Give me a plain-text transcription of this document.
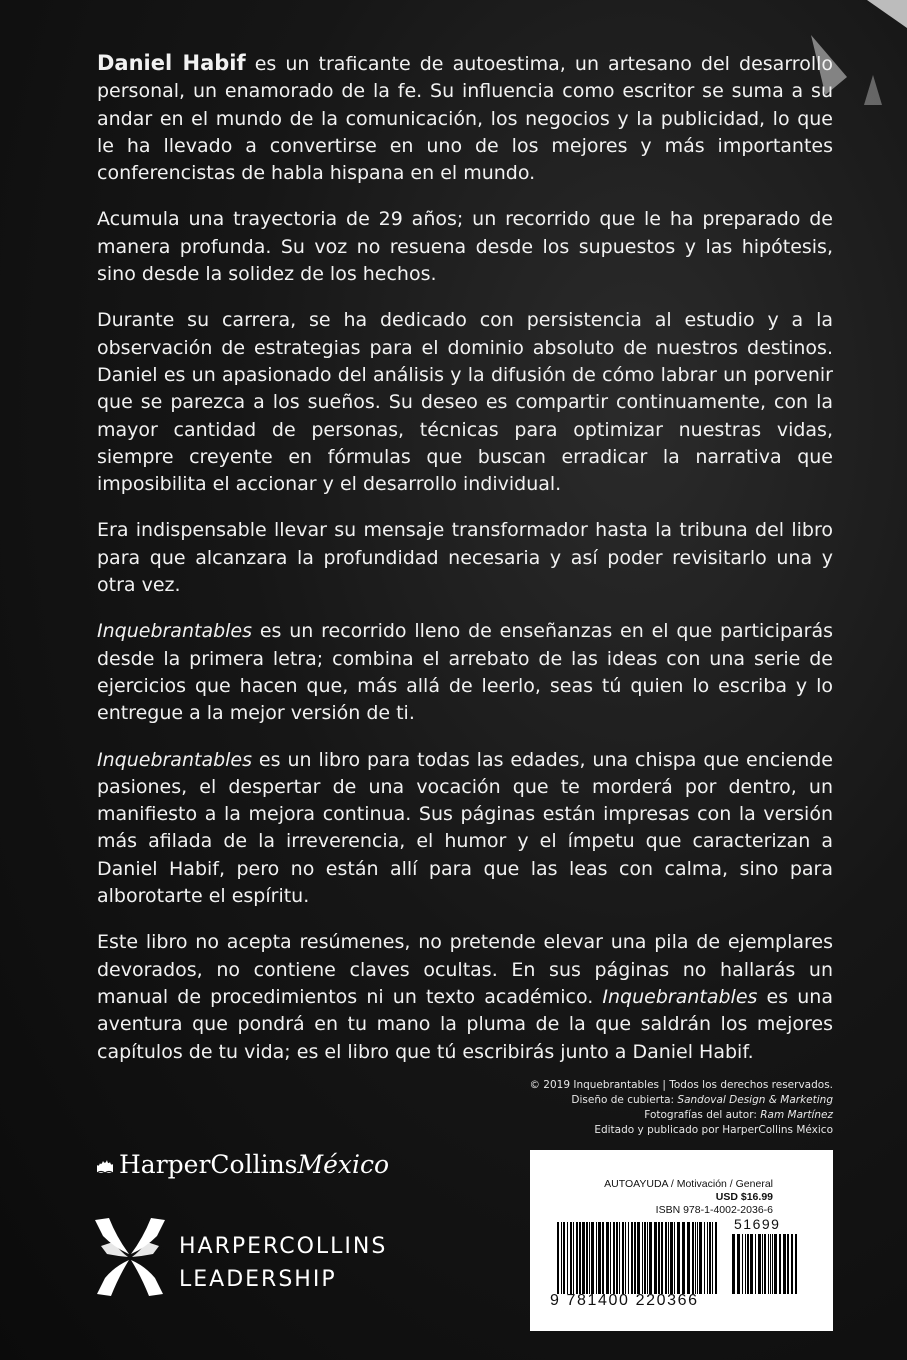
Daniel Habif es un traficante de autoestima, un artesano del desarrollo personal, un enamorado de la fe. Su influencia como escritor se suma a su andar en el mundo de la comunicación, los negocios y la publicidad, lo que le ha llevado a convertirse en uno de los mejores y más importantes conferencistas de habla hispana en el mundo.

Acumula una trayectoria de 29 años; un recorrido que le ha preparado de manera profunda. Su voz no resuena desde los supuestos y las hipótesis, sino desde la solidez de los hechos.

Durante su carrera, se ha dedicado con persistencia al estudio y a la observación de estrategias para el dominio absoluto de nuestros destinos. Daniel es un apasionado del análisis y la difusión de cómo labrar un porvenir que se parezca a los sueños. Su deseo es compartir continuamente, con la mayor cantidad de personas, técnicas para optimizar nuestras vidas, siempre creyente en fórmulas que buscan erradicar la narrativa que imposibilita el accionar y el desarrollo individual.

Era indispensable llevar su mensaje transformador hasta la tribuna del libro para que alcanzara la profundidad necesaria y así poder revisitarlo una y otra vez.

Inquebrantables es un recorrido lleno de enseñanzas en el que participarás desde la primera letra; combina el arrebato de las ideas con una serie de ejercicios que hacen que, más allá de leerlo, seas tú quien lo escriba y lo entregue a la mejor versión de ti.

Inquebrantables es un libro para todas las edades, una chispa que enciende pasiones, el despertar de una vocación que te morderá por dentro, un manifiesto a la mejora continua. Sus páginas están impresas con la versión más afilada de la irreverencia, el humor y el ímpetu que caracterizan a Daniel Habif, pero no están allí para que las leas con calma, sino para alborotarte el espíritu.

Este libro no acepta resúmenes, no pretende elevar una pila de ejemplares devorados, no contiene claves ocultas. En sus páginas no hallarás un manual de procedimientos ni un texto académico. Inquebrantables es una aventura que pondrá en tu mano la pluma de la que saldrán los mejores capítulos de tu vida; es el libro que tú escribirás junto a Daniel Habif.

© 2019 Inquebrantables | Todos los derechos reservados.
Diseño de cubierta: Sandoval Design & Marketing
Fotografías del autor: Ram Martínez
Editado y publicado por HarperCollins México
HarperCollinsMéxico
HARPERCOLLINS
LEADERSHIP
AUTOAYUDA / Motivación / General
USD $16.99
ISBN 978-1-4002-2036-6
51699
9 781400 220366
